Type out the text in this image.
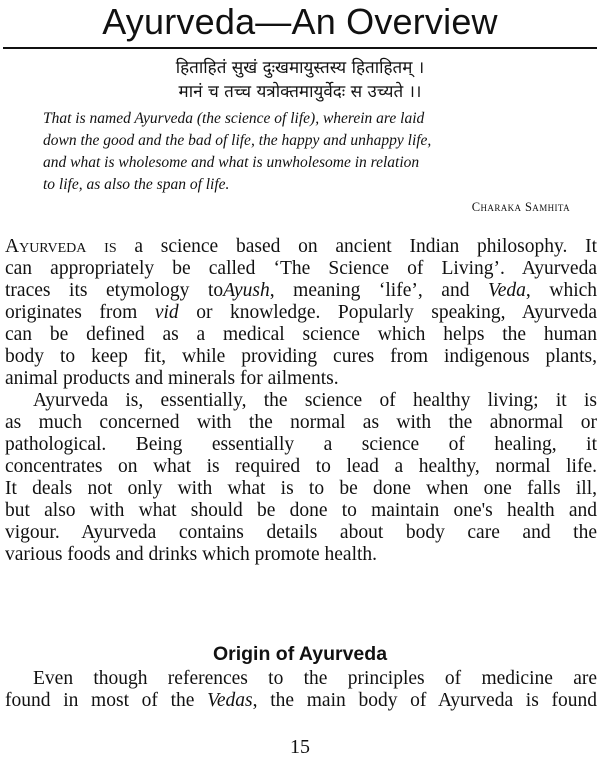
Ayurveda—An Overview
हिताहितं सुखं दुःखमायुस्तस्य हिताहितम् ।
मानं च तच्च यत्रोक्तमायुर्वेदः स उच्यते ।।
That is named Ayurveda (the science of life), wherein are laid
down the good and the bad of life, the happy and unhappy life,
and what is wholesome and what is unwholesome in relation
to life, as also the span of life.
Charaka Samhita
Ayurveda is a science based on ancient Indian philosophy. It
can appropriately be called ‘The Science of Living’. Ayurveda
traces its etymology toAyush, meaning ‘life’, and Veda, which
originates from vid or knowledge. Popularly speaking, Ayurveda
can be defined as a medical science which helps the human
body to keep fit, while providing cures from indigenous plants,
animal products and minerals for ailments.
Ayurveda is, essentially, the science of healthy living; it is
as much concerned with the normal as with the abnormal or
pathological. Being essentially a science of healing, it
concentrates on what is required to lead a healthy, normal life.
It deals not only with what is to be done when one falls ill,
but also with what should be done to maintain one's health and
vigour. Ayurveda contains details about body care and the
various foods and drinks which promote health.
Origin of Ayurveda
Even though references to the principles of medicine are
found in most of the Vedas, the main body of Ayurveda is found
15
